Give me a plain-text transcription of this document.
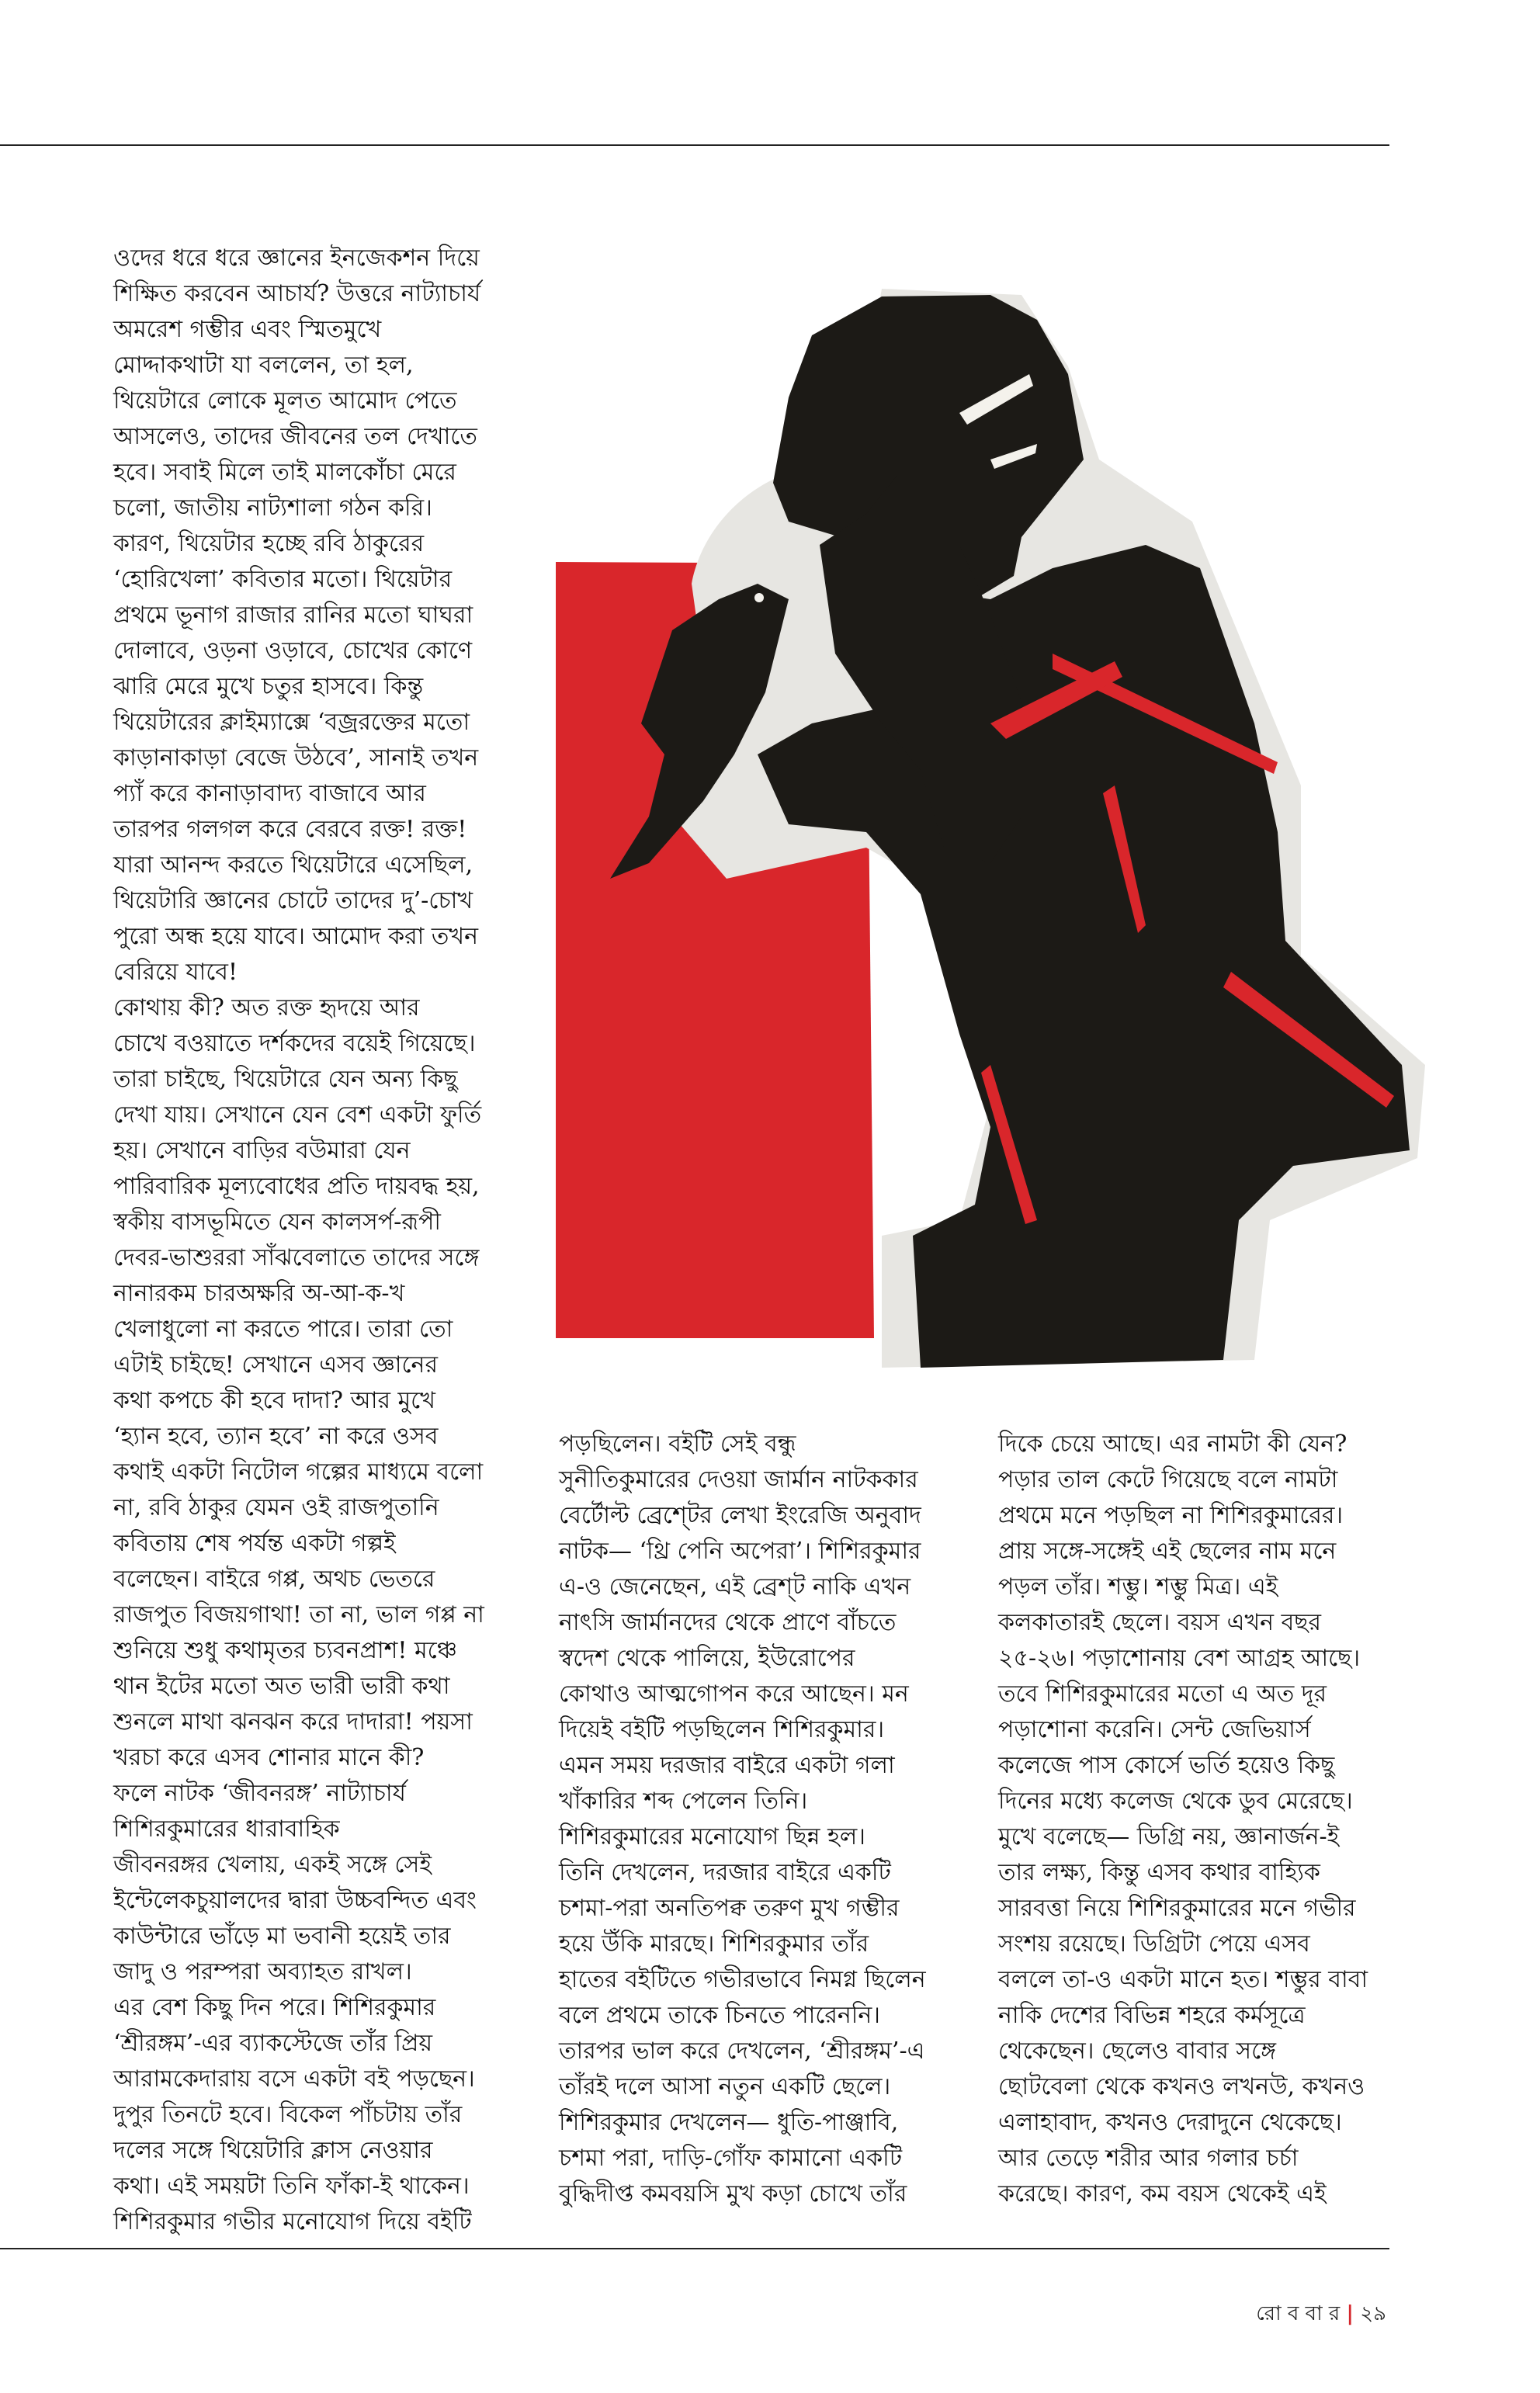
ওদের ধরে ধরে জ্ঞানের ইনজেকশন দিয়ে

শিক্ষিত করবেন আচার্য? উত্তরে নাট্যাচার্য

অমরেশ গম্ভীর এবং স্মিতমুখে

মোদ্দাকথাটা যা বললেন, তা হল,

থিয়েটারে লোকে মূলত আমোদ পেতে

আসলেও, তাদের জীবনের তল দেখাতে

হবে। সবাই মিলে তাই মালকোঁচা মেরে

চলো, জাতীয় নাট্যশালা গঠন করি।

কারণ, থিয়েটার হচ্ছে রবি ঠাকুরের

‘হোরিখেলা’ কবিতার মতো। থিয়েটার

প্রথমে ভূনাগ রাজার রানির মতো ঘাঘরা

দোলাবে, ওড়না ওড়াবে, চোখের কোণে

ঝারি মেরে মুখে চতুর হাসবে। কিন্তু

থিয়েটারের ক্লাইম্যাক্সে ‘বজ্ররক্তের মতো

কাড়ানাকাড়া বেজে উঠবে’, সানাই তখন

প্যাঁ করে কানাড়াবাদ্য বাজাবে আর

তারপর গলগল করে বেরবে রক্ত! রক্ত!

যারা আনন্দ করতে থিয়েটারে এসেছিল,

থিয়েটারি জ্ঞানের চোটে তাদের দু’-চোখ

পুরো অন্ধ হয়ে যাবে। আমোদ করা তখন

বেরিয়ে যাবে!

কোথায় কী? অত রক্ত হৃদয়ে আর

চোখে বওয়াতে দর্শকদের বয়েই গিয়েছে।

তারা চাইছে, থিয়েটারে যেন অন্য কিছু

দেখা যায়। সেখানে যেন বেশ একটা ফুর্তি

হয়। সেখানে বাড়ির বউমারা যেন

পারিবারিক মূল্যবোধের প্রতি দায়বদ্ধ হয়,

স্বকীয় বাসভূমিতে যেন কালসর্প-রূপী

দেবর-ভাশুররা সাঁঝবেলাতে তাদের সঙ্গে

নানারকম চারঅক্ষরি অ-আ-ক-খ

খেলাধুলো না করতে পারে। তারা তো

এটাই চাইছে! সেখানে এসব জ্ঞানের

কথা কপচে কী হবে দাদা? আর মুখে

‘হ্যান হবে, ত্যান হবে’ না করে ওসব

কথাই একটা নিটোল গল্পের মাধ্যমে বলো

না, রবি ঠাকুর যেমন ওই রাজপুতানি

কবিতায় শেষ পর্যন্ত একটা গল্পই

বলেছেন। বাইরে গপ্প, অথচ ভেতরে

রাজপুত বিজয়গাথা! তা না, ভাল গপ্প না

শুনিয়ে শুধু কথামৃতর চ্যবনপ্রাশ! মঞ্চে

থান ইটের মতো অত ভারী ভারী কথা

শুনলে মাথা ঝনঝন করে দাদারা! পয়সা

খরচা করে এসব শোনার মানে কী?

ফলে নাটক ‘জীবনরঙ্গ’ নাট্যাচার্য

শিশিরকুমারের ধারাবাহিক

জীবনরঙ্গর খেলায়, একই সঙ্গে সেই

ইন্টেলেকচুয়ালদের দ্বারা উচ্চবন্দিত এবং

কাউন্টারে ভাঁড়ে মা ভবানী হয়েই তার

জাদু ও পরম্পরা অব্যাহত রাখল।

এর বেশ কিছু দিন পরে। শিশিরকুমার

‘শ্রীরঙ্গম’-এর ব্যাকস্টেজে তাঁর প্রিয়

আরামকেদারায় বসে একটা বই পড়ছেন।

দুপুর তিনটে হবে। বিকেল পাঁচটায় তাঁর

দলের সঙ্গে থিয়েটারি ক্লাস নেওয়ার

কথা। এই সময়টা তিনি ফাঁকা-ই থাকেন।

শিশিরকুমার গভীর মনোযোগ দিয়ে বইটি

পড়ছিলেন। বইটি সেই বন্ধু

সুনীতিকুমারের দেওয়া জার্মান নাটককার

বের্টোল্ট ব্রেশ্টের লেখা ইংরেজি অনুবাদ

নাটক— ‘থ্রি পেনি অপেরা’। শিশিরকুমার

এ-ও জেনেছেন, এই ব্রেশ্ট নাকি এখন

নাৎসি জার্মানদের থেকে প্রাণে বাঁচতে

স্বদেশ থেকে পালিয়ে, ইউরোপের

কোথাও আত্মগোপন করে আছেন। মন

দিয়েই বইটি পড়ছিলেন শিশিরকুমার।

এমন সময় দরজার বাইরে একটা গলা

খাঁকারির শব্দ পেলেন তিনি।

শিশিরকুমারের মনোযোগ ছিন্ন হল।

তিনি দেখলেন, দরজার বাইরে একটি

চশমা-পরা অনতিপক্ব তরুণ মুখ গম্ভীর

হয়ে উঁকি মারছে। শিশিরকুমার তাঁর

হাতের বইটিতে গভীরভাবে নিমগ্ন ছিলেন

বলে প্রথমে তাকে চিনতে পারেননি।

তারপর ভাল করে দেখলেন, ‘শ্রীরঙ্গম’-এ

তাঁরই দলে আসা নতুন একটি ছেলে।

শিশিরকুমার দেখলেন— ধুতি-পাঞ্জাবি,

চশমা পরা, দাড়ি-গোঁফ কামানো একটি

বুদ্ধিদীপ্ত কমবয়সি মুখ কড়া চোখে তাঁর

দিকে চেয়ে আছে। এর নামটা কী যেন?

পড়ার তাল কেটে গিয়েছে বলে নামটা

প্রথমে মনে পড়ছিল না শিশিরকুমারের।

প্রায় সঙ্গে-সঙ্গেই এই ছেলের নাম মনে

পড়ল তাঁর। শম্ভু। শম্ভু মিত্র। এই

কলকাতারই ছেলে। বয়স এখন বছর

২৫-২৬। পড়াশোনায় বেশ আগ্রহ আছে।

তবে শিশিরকুমারের মতো এ অত দূর

পড়াশোনা করেনি। সেন্ট জেভিয়ার্স

কলেজে পাস কোর্সে ভর্তি হয়েও কিছু

দিনের মধ্যে কলেজ থেকে ডুব মেরেছে।

মুখে বলেছে— ডিগ্রি নয়, জ্ঞানার্জন-ই

তার লক্ষ্য, কিন্তু এসব কথার বাহ্যিক

সারবত্তা নিয়ে শিশিরকুমারের মনে গভীর

সংশয় রয়েছে। ডিগ্রিটা পেয়ে এসব

বললে তা-ও একটা মানে হত। শম্ভুর বাবা

নাকি দেশের বিভিন্ন শহরে কর্মসূত্রে

থেকেছেন। ছেলেও বাবার সঙ্গে

ছোটবেলা থেকে কখনও লখনউ, কখনও

এলাহাবাদ, কখনও দেরাদুনে থেকেছে।

আর তেড়ে শরীর আর গলার চর্চা

করেছে। কারণ, কম বয়স থেকেই এই

রো ব বা র | ২৯
